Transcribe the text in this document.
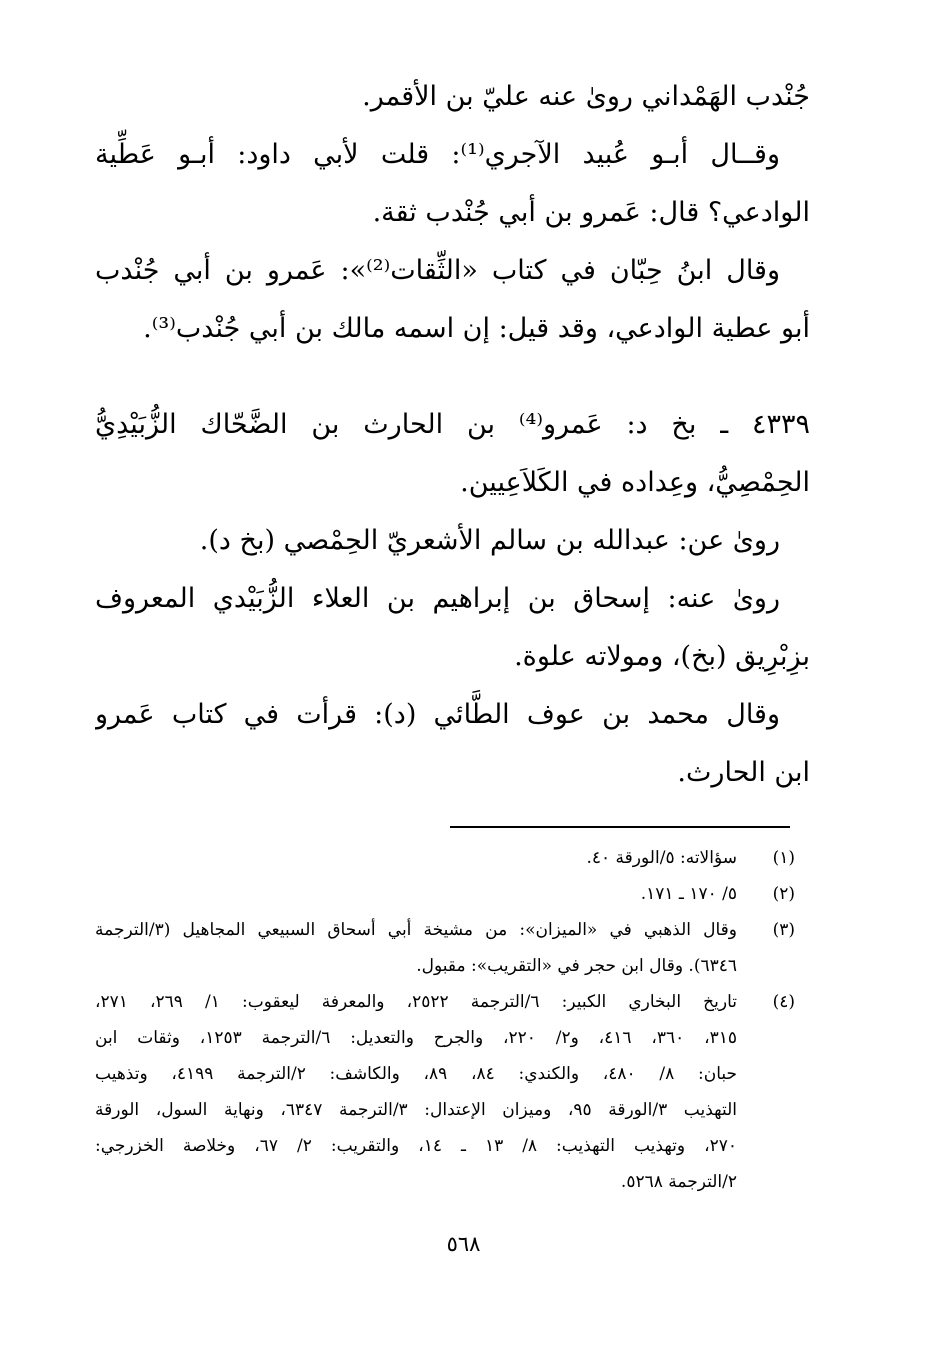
جُنْدب الهَمْداني روىٰ عنه عليّ بن الأقمر.
وقــال أبـو عُبيد الآجري⁽¹⁾: قلت لأبي داود: أبـو عَطِّية
الوادعي؟ قال: عَمرو بن أبي جُنْدب ثقة.
وقال ابنُ حِبّان في كتاب «الثِّقات⁽²⁾»: عَمرو بن أبي جُنْدب
أبو عطية الوادعي، وقد قيل: إن اسمه مالك بن أبي جُنْدب⁽³⁾.
٤٣٣٩ ـ بخ د: عَمرو⁽⁴⁾ بن الحارث بن الضَّحّاك الزُّبَيْدِيُّ
الحِمْصِيُّ، وعِداده في الكَلاَعِيين.
روىٰ عن: عبدالله بن سالم الأشعريّ الحِمْصي (بخ د).
روىٰ عنه: إسحاق بن إبراهيم بن العلاء الزُّبَيْدي المعروف
بزِبْرِيق (بخ)، ومولاته علوة.
وقال محمد بن عوف الطَّائي (د): قرأت في كتاب عَمرو
ابن الحارث.
(١)
سؤالاته: ٥/الورقة ٤٠.
(٢)
٥/ ١٧٠ ـ ١٧١.
(٣)
وقال الذهبي في «الميزان»: من مشيخة أبي أسحاق السبيعي المجاهيل (٣/الترجمة
٦٣٤٦). وقال ابن حجر في «التقريب»: مقبول.
(٤)
تاريخ البخاري الكبير: ٦/الترجمة ٢٥٢٢، والمعرفة ليعقوب: ١/ ٢٦٩، ٢٧١،
٣١٥، ٣٦٠، ٤١٦، و٢/ ٢٢٠، والجرح والتعديل: ٦/الترجمة ١٢٥٣، وثقات ابن
حبان: ٨/ ٤٨٠، والكندي: ٨٤، ٨٩، والكاشف: ٢/الترجمة ٤١٩٩، وتذهيب
التهذيب ٣/الورقة ٩٥، وميزان الإعتدال: ٣/الترجمة ٦٣٤٧، ونهاية السول، الورقة
٢٧٠، وتهذيب التهذيب: ٨/ ١٣ ـ ١٤، والتقريب: ٢/ ٦٧، وخلاصة الخزرجي:
٢/الترجمة ٥٢٦٨.
٥٦٨
